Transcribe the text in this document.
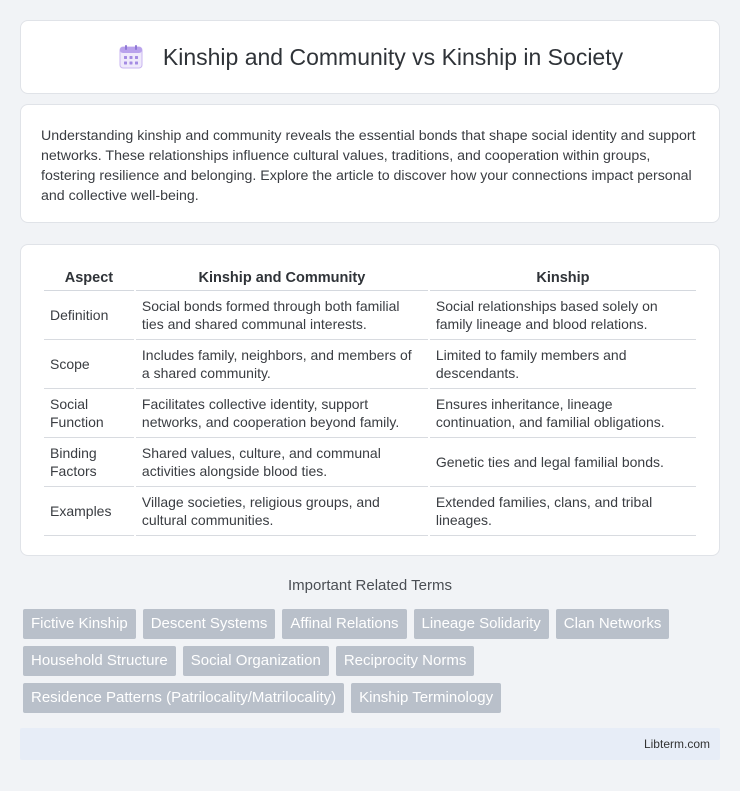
Kinship and Community vs Kinship in Society

Understanding kinship and community reveals the essential bonds that shape social identity and support networks. These relationships influence cultural values, traditions, and cooperation within groups, fostering resilience and belonging. Explore the article to discover how your connections impact personal and collective well-being.

Aspect	Kinship and Community	Kinship
Definition	Social bonds formed through both familial ties and shared communal interests.	Social relationships based solely on family lineage and blood relations.
Scope	Includes family, neighbors, and members of a shared community.	Limited to family members and descendants.
Social Function	Facilitates collective identity, support networks, and cooperation beyond family.	Ensures inheritance, lineage continuation, and familial obligations.
Binding Factors	Shared values, culture, and communal activities alongside blood ties.	Genetic ties and legal familial bonds.
Examples	Village societies, religious groups, and cultural communities.	Extended families, clans, and tribal lineages.
Important Related Terms
Fictive Kinship	Descent Systems	Affinal Relations	Lineage Solidarity	Clan Networks
Household Structure	Social Organization	Reciprocity Norms
Residence Patterns (Patrilocality/Matrilocality)	Kinship Terminology
Libterm.com
